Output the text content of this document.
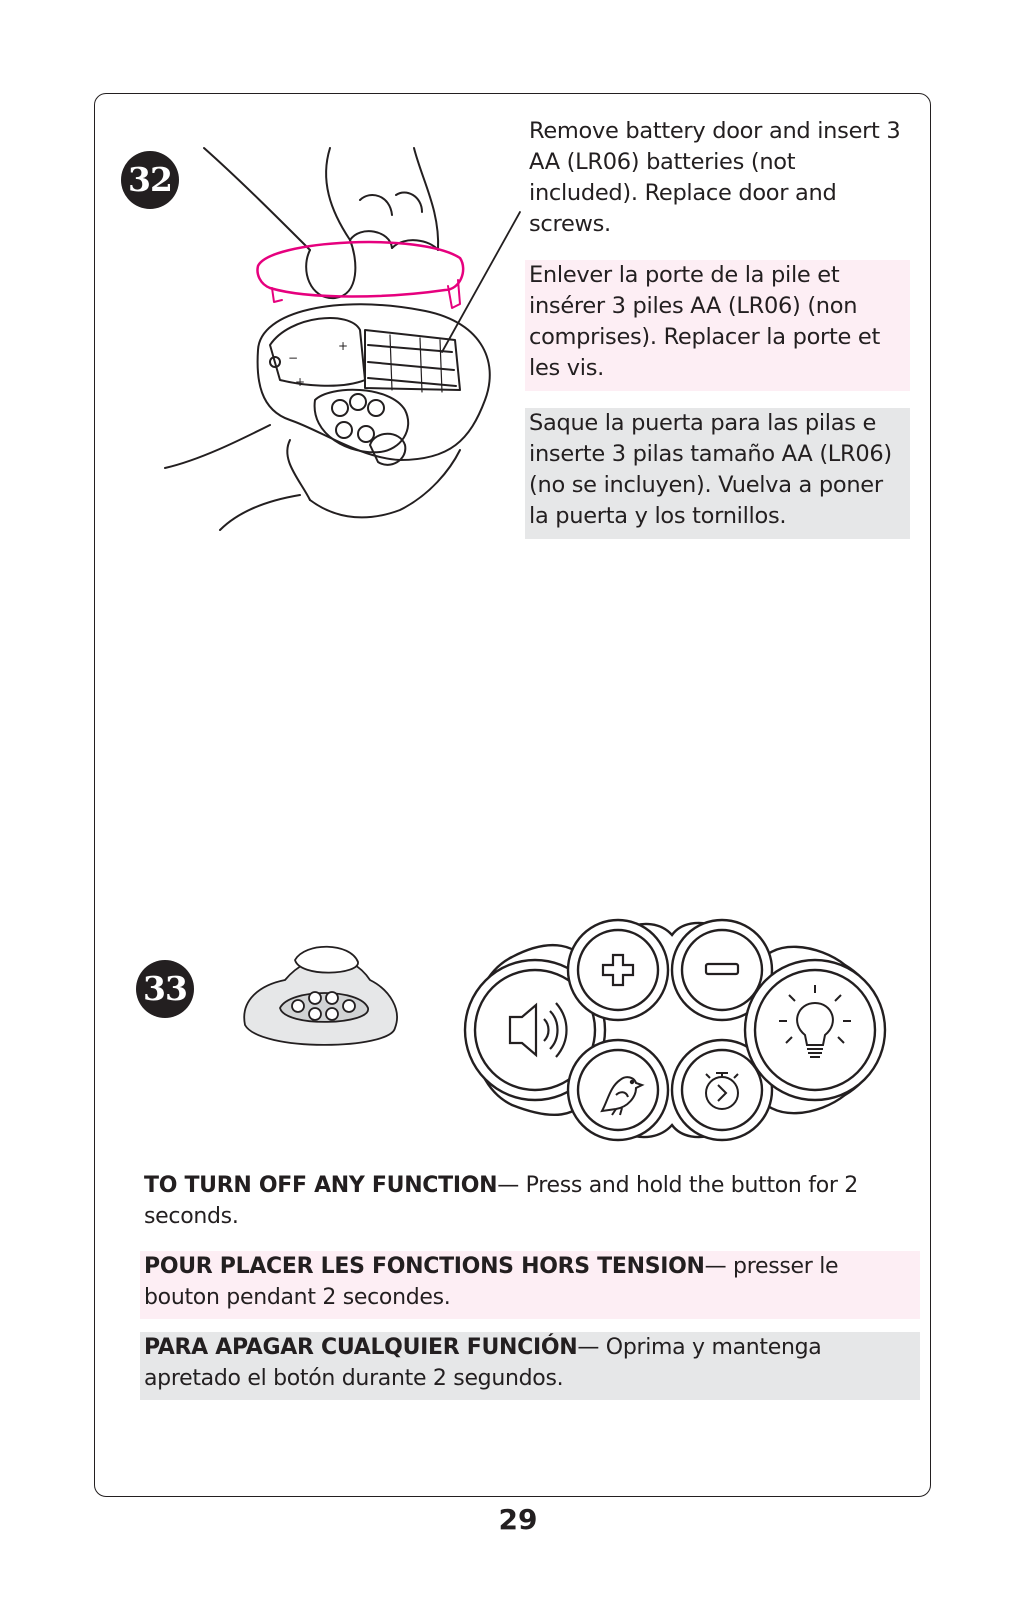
32
−
+
+
Remove battery door and insert 3 AA (LR06) batteries (not included). Replace door and screws.
Enlever la porte de la pile et insérer 3 piles AA (LR06) (non comprises). Replacer la porte et les vis.
Saque la puerta para las pilas e inserte 3 pilas tamaño AA (LR06) (no se incluyen). Vuelva a poner la puerta y los tornillos.
33
TO TURN OFF ANY FUNCTION— Press and hold the button for 2 seconds.
POUR PLACER LES FONCTIONS HORS TENSION— presser le bouton pendant 2 secondes.
PARA APAGAR CUALQUIER FUNCIÓN— Oprima y mantenga apretado el botón durante 2 segundos.
29
